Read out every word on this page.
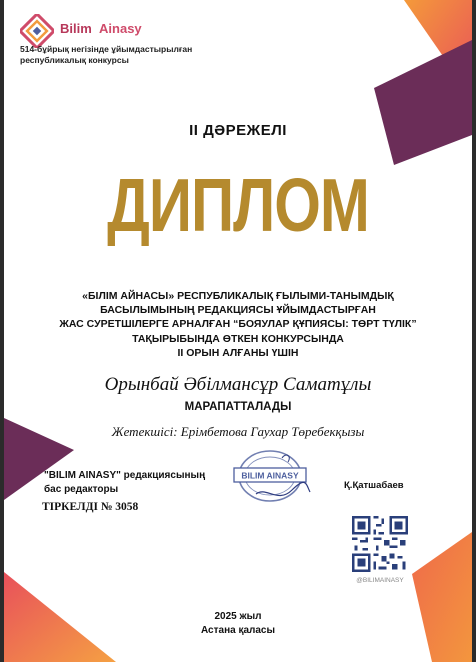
Bilim Ainasy
514-бұйрық негізінде ұйымдастырылған
республикалық конкурсы
II ДӘРЕЖЕЛІ
ДИПЛОМ
«БІЛІМ АЙНАСЫ» РЕСПУБЛИКАЛЫҚ ҒЫЛЫМИ-ТАНЫМДЫҚ
БАСЫЛЫМЫНЫҢ РЕДАКЦИЯСЫ ҰЙЫМДАСТЫРҒАН
ЖАС СУРЕТШІЛЕРГЕ АРНАЛҒАН “БОЯУЛАР ҚҰПИЯСЫ: ТӨРТ ТҮЛІК”
ТАҚЫРЫБЫНДА ӨТКЕН КОНКУРСЫНДА
II ОРЫН АЛҒАНЫ ҮШІН
Орынбай Әбілмансұр Саматұлы
МАРАПАТТАЛАДЫ
Жетекшісі: Ерімбетова Гаухар Төребекқызы
"BILIM AINASY" редакциясының
бас редакторы
ТІРКЕЛДІ № 3058
BILIM AINASY
Қ.Қатшабаев
@BILIMAINASY
2025 жыл
Астана қаласы
